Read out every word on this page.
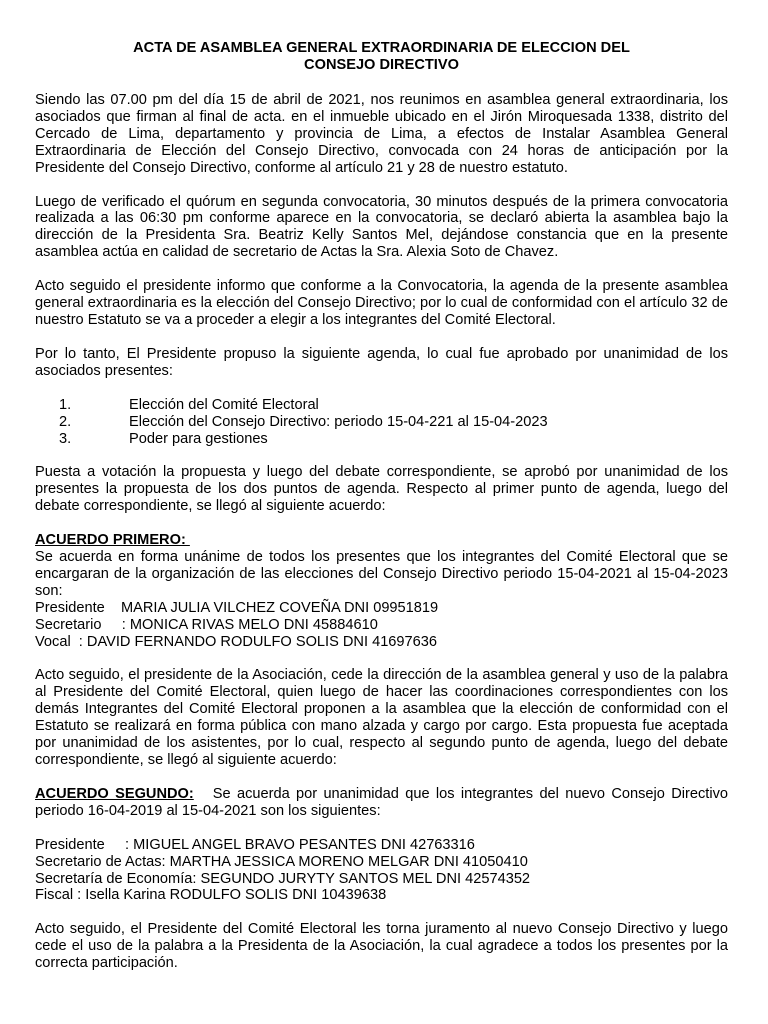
ACTA DE ASAMBLEA GENERAL EXTRAORDINARIA DE ELECCION DEL
CONSEJO DIRECTIVO

Siendo las 07.00 pm del día 15 de abril de 2021, nos reunimos en asamblea general extraordinaria, los asociados que firman al final de acta. en el inmueble ubicado en el Jirón Miroquesada 1338, distrito del Cercado de Lima, departamento y provincia de Lima, a efectos de Instalar Asamblea General Extraordinaria de Elección del Consejo Directivo, convocada con 24 horas de anticipación por la Presidente del Consejo Directivo, conforme al artículo 21 y 28 de nuestro estatuto.

Luego de verificado el quórum en segunda convocatoria, 30 minutos después de la primera convocatoria realizada a las 06:30 pm conforme aparece en la convocatoria, se declaró abierta la asamblea bajo la dirección de la Presidenta Sra. Beatriz Kelly Santos Mel, dejándose constancia que en la presente asamblea actúa en calidad de secretario de Actas la Sra. Alexia Soto de Chavez.

Acto seguido el presidente informo que conforme a la Convocatoria, la agenda de la presente asamblea general extraordinaria es la elección del Consejo Directivo; por lo cual de conformidad con el artículo 32 de nuestro Estatuto se va a proceder a elegir a los integrantes del Comité Electoral.

Por lo tanto, El Presidente propuso la siguiente agenda, lo cual fue aprobado por unanimidad de los asociados presentes:

1.	Elección del Comité Electoral
2.	Elección del Consejo Directivo: periodo 15-04-221 al 15-04-2023
3.	Poder para gestiones

Puesta a votación la propuesta y luego del debate correspondiente, se aprobó por unanimidad de los presentes la propuesta de los dos puntos de agenda. Respecto al primer punto de agenda, luego del debate correspondiente, se llegó al siguiente acuerdo:

ACUERDO PRIMERO:

Se acuerda en forma unánime de todos los presentes que los integrantes del Comité Electoral que se encargaran de la organización de las elecciones del Consejo Directivo periodo 15-04-2021 al 15-04-2023 son:

Presidente    MARIA JULIA VILCHEZ COVEÑA DNI 09951819
Secretario     : MONICA RIVAS MELO DNI 45884610
Vocal  : DAVID FERNANDO RODULFO SOLIS DNI 41697636

Acto seguido, el presidente de la Asociación, cede la dirección de la asamblea general y uso de la palabra al Presidente del Comité Electoral, quien luego de hacer las coordinaciones correspondientes con los demás Integrantes del Comité Electoral proponen a la asamblea que la elección de conformidad con el Estatuto se realizará en forma pública con mano alzada y cargo por cargo. Esta propuesta fue aceptada por unanimidad de los asistentes, por lo cual, respecto al segundo punto de agenda, luego del debate correspondiente, se llegó al siguiente acuerdo:

ACUERDO SEGUNDO: Se acuerda por unanimidad que los integrantes del nuevo Consejo Directivo periodo 16-04-2019 al 15-04-2021 son los siguientes:

Presidente     : MIGUEL ANGEL BRAVO PESANTES DNI 42763316
Secretario de Actas: MARTHA JESSICA MORENO MELGAR DNI 41050410
Secretaría de Economía: SEGUNDO JURYTY SANTOS MEL DNI 42574352
Fiscal : Isella Karina RODULFO SOLIS DNI 10439638

Acto seguido, el Presidente del Comité Electoral les torna juramento al nuevo Consejo Directivo y luego cede el uso de la palabra a la Presidenta de la Asociación, la cual agradece a todos los presentes por la correcta participación.
